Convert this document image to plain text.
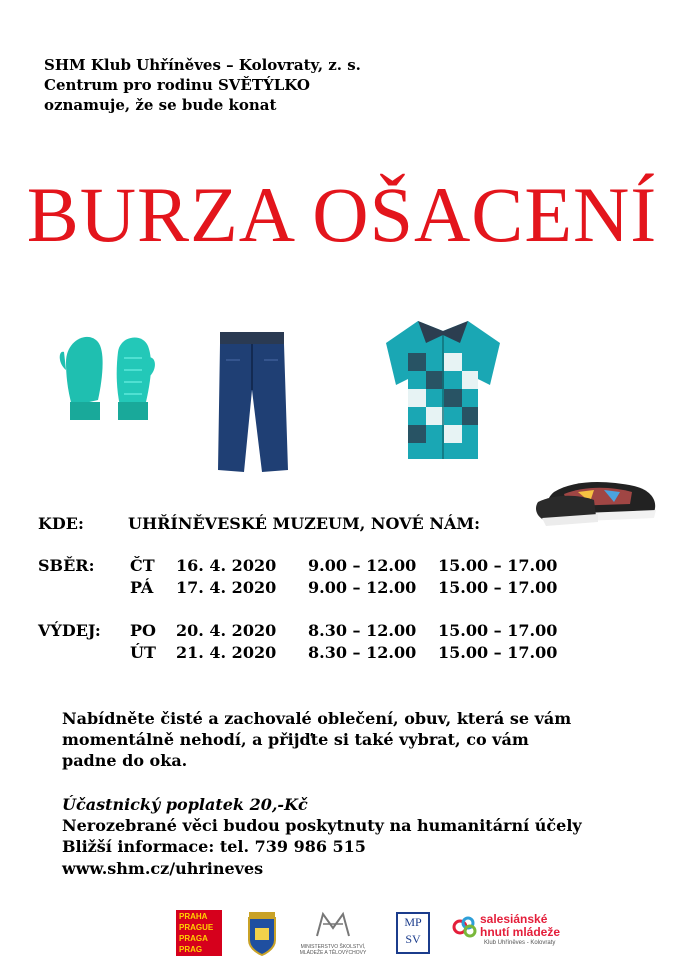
SHM Klub Uhříněves – Kolovraty, z. s.
Centrum pro rodinu SVĚTÝLKO
oznamuje, že se bude konat
BURZA OŠACENÍ
KDE:	UHŘÍNĚVESKÉ MUZEUM, NOVÉ NÁM:
SBĚR: ČT 16. 4. 2020 9.00 – 12.00 15.00 – 17.00
PÁ 17. 4. 2020 9.00 – 12.00 15.00 – 17.00
VÝDEJ: PO 20. 4. 2020 8.30 – 12.00 15.00 – 17.00
ÚT 21. 4. 2020 8.30 – 12.00 15.00 – 17.00
Nabídněte čisté a zachovalé oblečení, obuv, která se vám
momentálně nehodí, a přijďte si také vybrat, co vám
padne do oka.
Účastnický poplatek 20,-Kč
Nerozebrané věci budou poskytnuty na humanitární účely
Bližší informace: tel. 739 986 515
www.shm.cz/uhrineves
PRAHA
PRAGUE
PRAGA
PRAG	MINISTERSTVO ŠKOLSTVÍ, MLÁDEŽE A TĚLOVÝCHOVY
MP
SV
salesiánské
hnutí mládeže
Klub Uhříněves - Kolovraty
